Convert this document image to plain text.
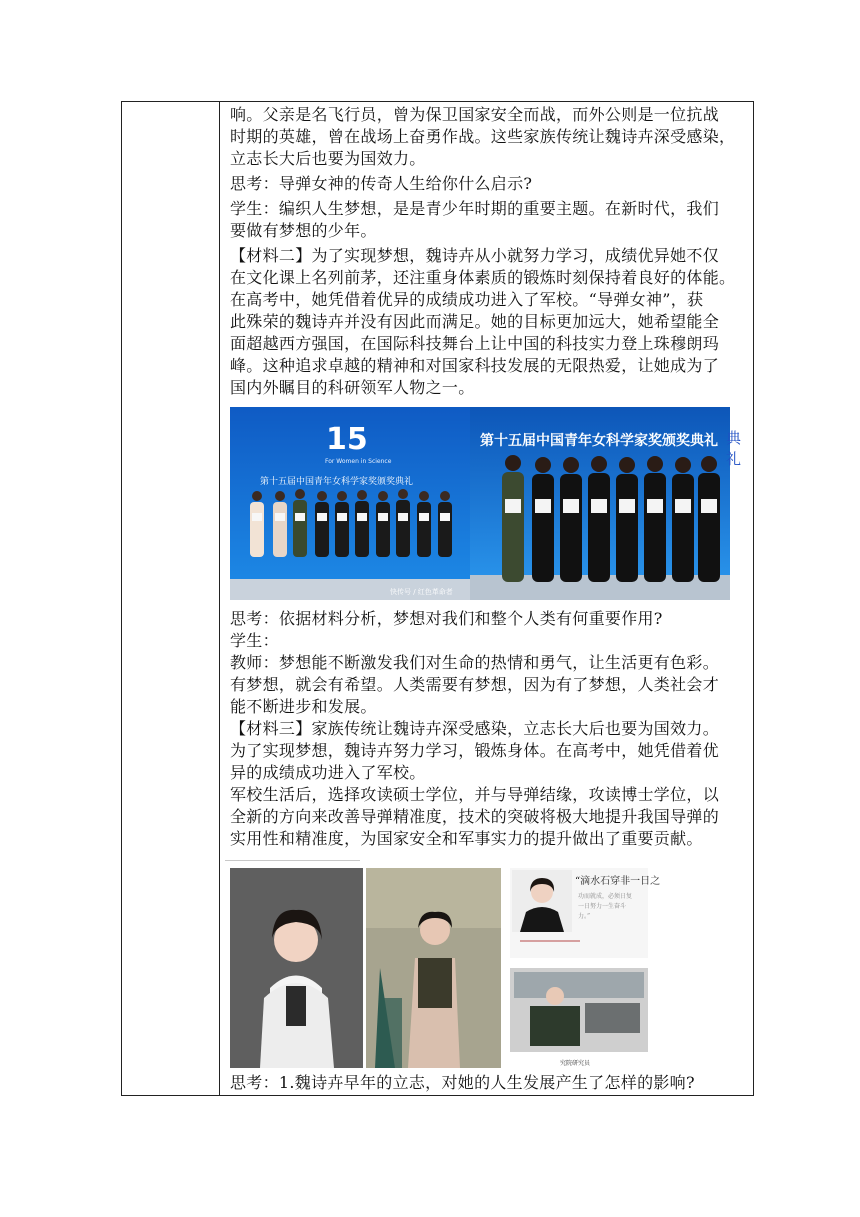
响。父亲是名飞行员，曾为保卫国家安全而战，而外公则是一位抗战

时期的英雄，曾在战场上奋勇作战。这些家族传统让魏诗卉深受感染，

立志长大后也要为国效力。

思考：导弹女神的传奇人生给你什么启示?

学生：编织人生梦想，是是青少年时期的重要主题。在新时代，我们

要做有梦想的少年。

【材料二】为了实现梦想，魏诗卉从小就努力学习，成绩优异她不仅

在文化课上名列前茅，还注重身体素质的锻炼时刻保持着良好的体能。

在高考中，她凭借着优异的成绩成功进入了军校。“导弹女神”，获

此殊荣的魏诗卉并没有因此而满足。她的目标更加远大，她希望能全

面超越西方强国，在国际科技舞台上让中国的科技实力登上珠穆朗玛

峰。这种追求卓越的精神和对国家科技发展的无限热爱，让她成为了

国内外瞩目的科研领军人物之一。

15
For Women in Science
第十五届中国青年女科学家奖颁奖典礼
第十五届中国青年女科学家奖颁奖典礼
快传号 / 红色革命者
典礼

思考：依据材料分析，梦想对我们和整个人类有何重要作用?

学生：

教师：梦想能不断激发我们对生命的热情和勇气，让生活更有色彩。

有梦想，就会有希望。人类需要有梦想，因为有了梦想，人类社会才

能不断进步和发展。

【材料三】家族传统让魏诗卉深受感染，立志长大后也要为国效力。

为了实现梦想，魏诗卉努力学习，锻炼身体。在高考中，她凭借着优

异的成绩成功进入了军校。

军校生活后，选择攻读硕士学位，并与导弹结缘，攻读博士学位，以

全新的方向来改善导弹精准度，技术的突破将极大地提升我国导弹的

实用性和精准度，为国家安全和军事实力的提升做出了重要贡献。

“滴水石穿非一日之
功而就成，必须日复
一日努力一生奋斗
力。”
究院研究员

思考：1.魏诗卉早年的立志，对她的人生发展产生了怎样的影响?
